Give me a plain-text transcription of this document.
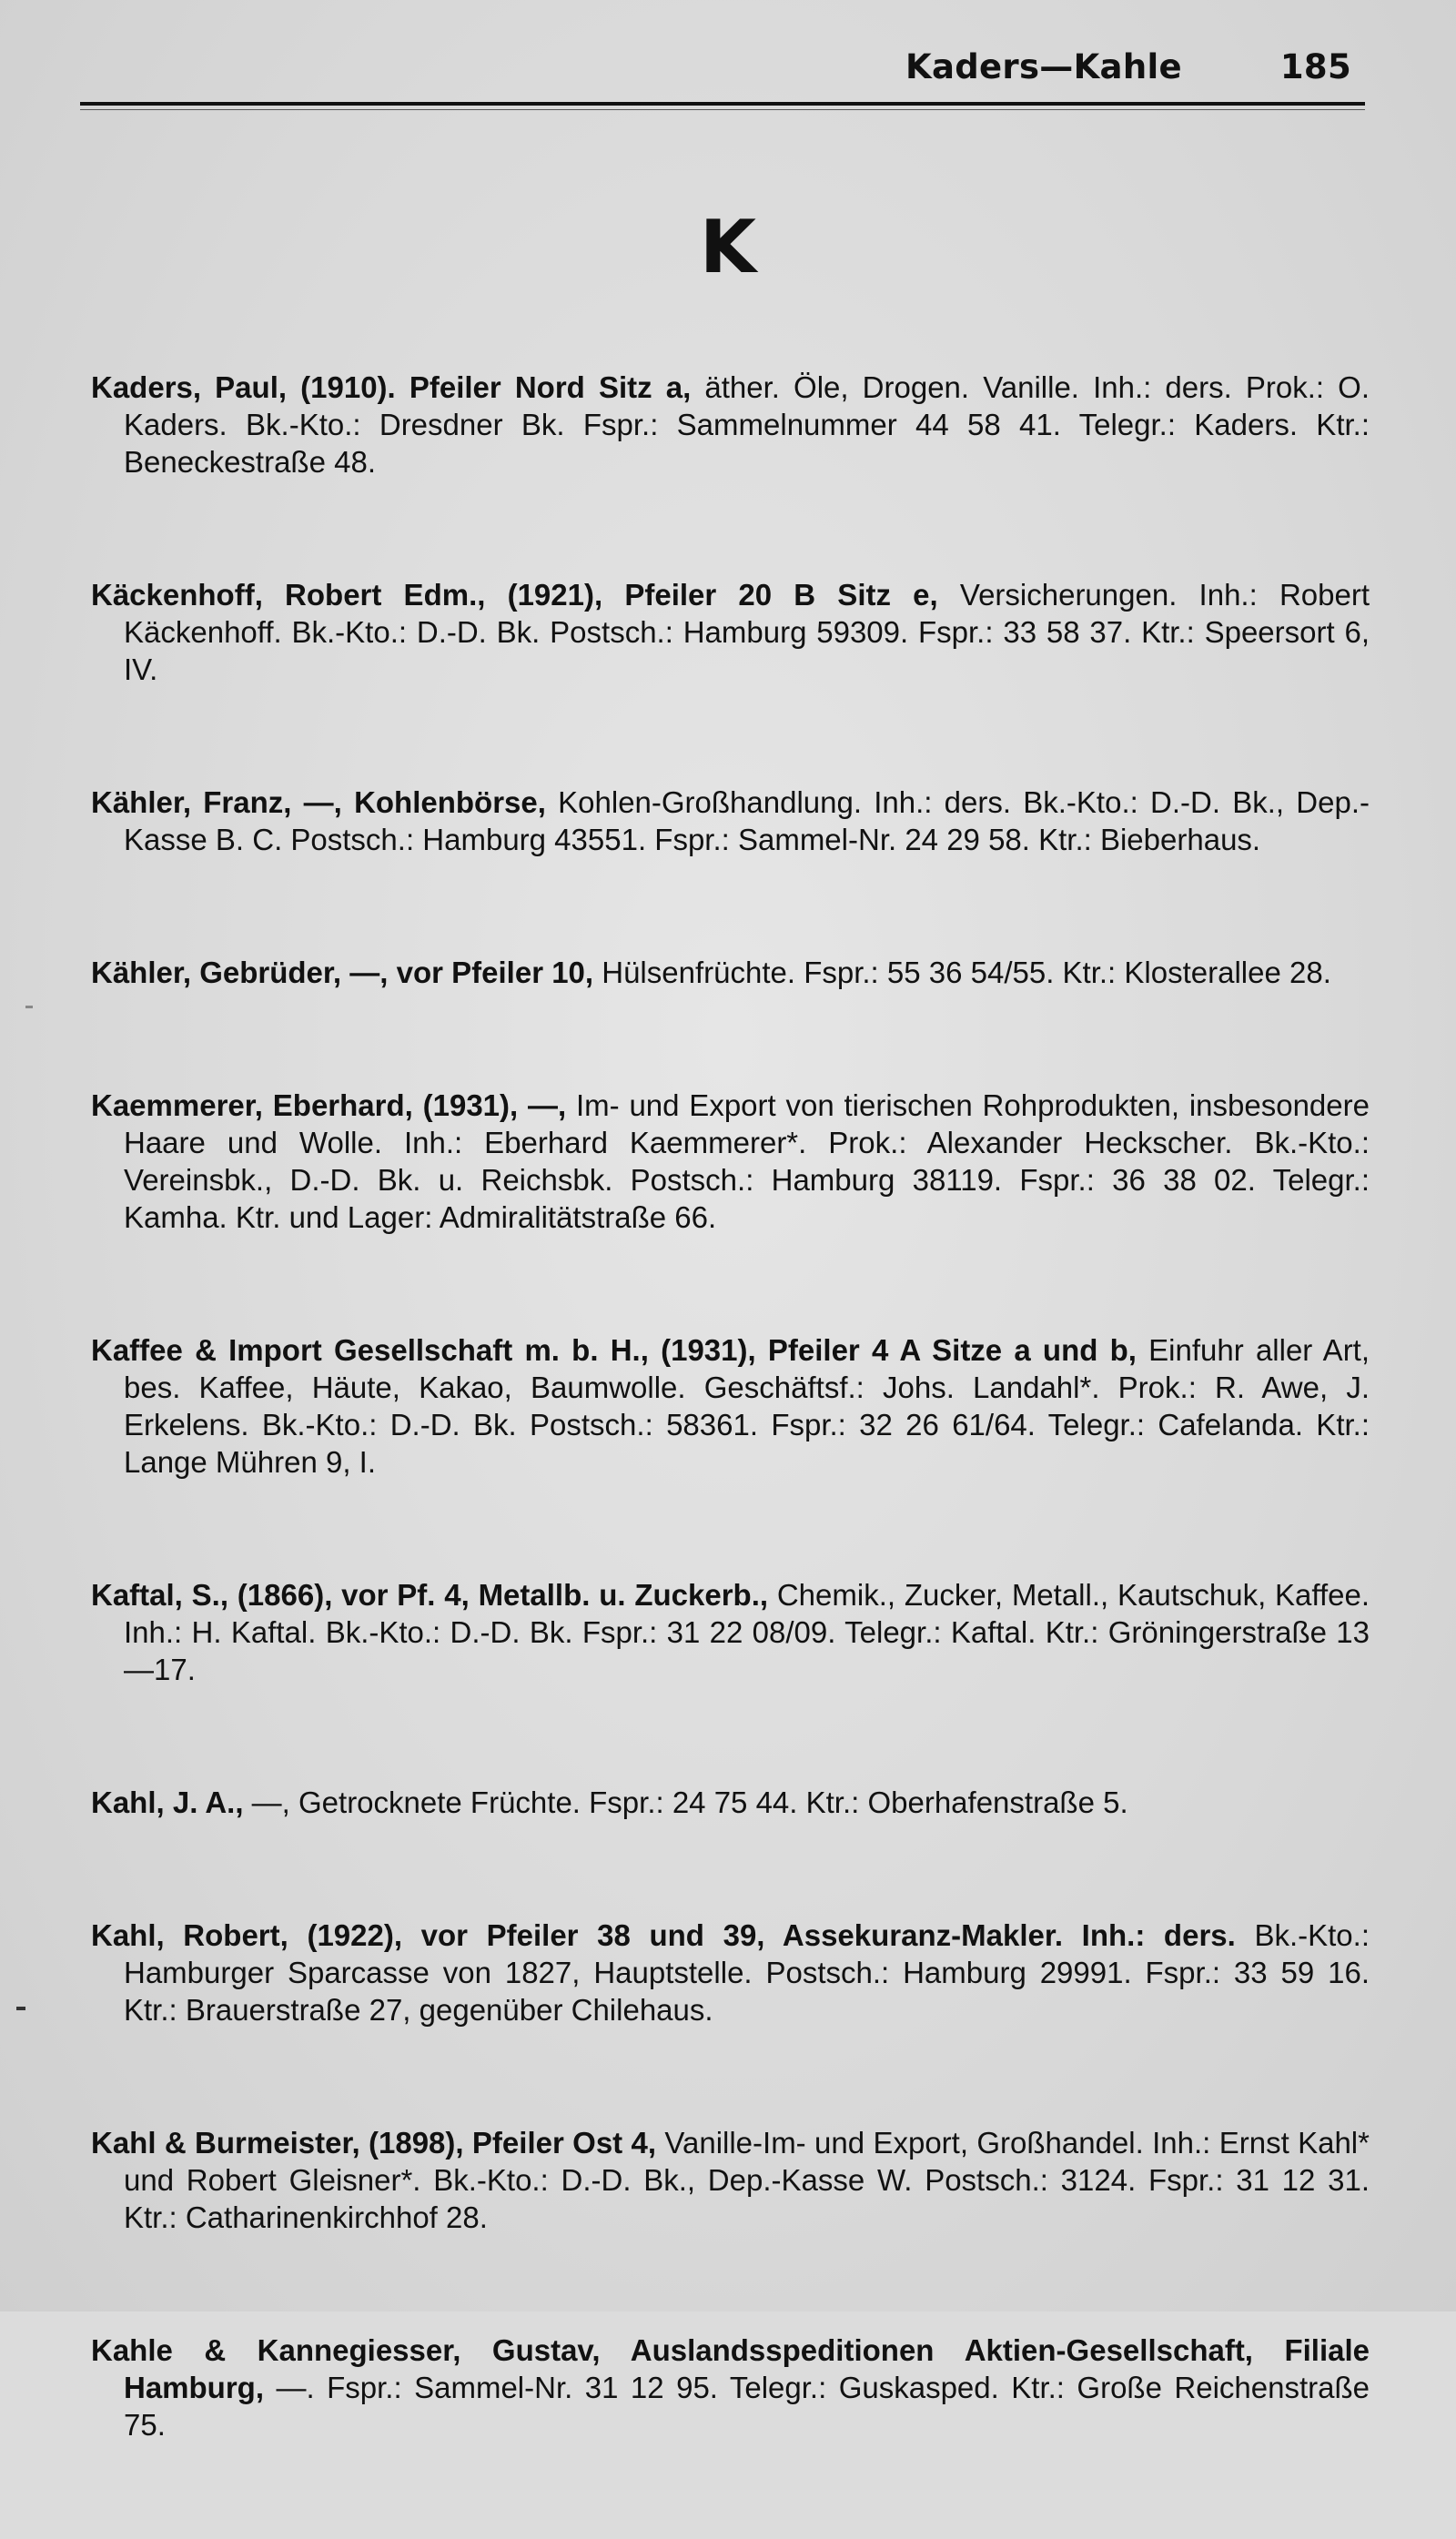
Kaders—Kahle	185
K

Kaders, Paul, (1910). Pfeiler Nord Sitz a, äther. Öle, Drogen. Vanille. Inh.: ders. Prok.: O. Kaders. Bk.-Kto.: Dresdner Bk. Fspr.: Sammelnummer 44 58 41. Telegr.: Kaders. Ktr.: Beneckestraße 48.

Käckenhoff, Robert Edm., (1921), Pfeiler 20 B Sitz e, Versicherungen. Inh.: Robert Käckenhoff. Bk.-Kto.: D.-D. Bk. Postsch.: Hamburg 59309. Fspr.: 33 58 37. Ktr.: Speersort 6, IV.

Kähler, Franz, —, Kohlenbörse, Kohlen-Großhandlung. Inh.: ders. Bk.-Kto.: D.-D. Bk., Dep.-Kasse B. C. Postsch.: Hamburg 43551. Fspr.: Sammel-Nr. 24 29 58. Ktr.: Bieberhaus.

Kähler, Gebrüder, —, vor Pfeiler 10, Hülsenfrüchte. Fspr.: 55 36 54/55. Ktr.: Klosterallee 28.

Kaemmerer, Eberhard, (1931), —, Im- und Export von tierischen Rohprodukten, insbesondere Haare und Wolle. Inh.: Eberhard Kaemmerer*. Prok.: Alexander Heckscher. Bk.-Kto.: Vereinsbk., D.-D. Bk. u. Reichsbk. Postsch.: Hamburg 38119. Fspr.: 36 38 02. Telegr.: Kamha. Ktr. und Lager: Admiralitätstraße 66.

Kaffee & Import Gesellschaft m. b. H., (1931), Pfeiler 4 A Sitze a und b, Einfuhr aller Art, bes. Kaffee, Häute, Kakao, Baumwolle. Geschäftsf.: Johs. Landahl*. Prok.: R. Awe, J. Erkelens. Bk.-Kto.: D.-D. Bk. Postsch.: 58361. Fspr.: 32 26 61/64. Telegr.: Cafelanda. Ktr.: Lange Mühren 9, I.

Kaftal, S., (1866), vor Pf. 4, Metallb. u. Zuckerb., Chemik., Zucker, Metall., Kautschuk, Kaffee. Inh.: H. Kaftal. Bk.-Kto.: D.-D. Bk. Fspr.: 31 22 08/09. Telegr.: Kaftal. Ktr.: Gröningerstraße 13—17.

Kahl, J. A., —, Getrocknete Früchte. Fspr.: 24 75 44. Ktr.: Oberhafenstraße 5.

Kahl, Robert, (1922), vor Pfeiler 38 und 39, Assekuranz-Makler. Inh.: ders. Bk.-Kto.: Hamburger Sparcasse von 1827, Hauptstelle. Postsch.: Hamburg 29991. Fspr.: 33 59 16. Ktr.: Brauerstraße 27, gegenüber Chilehaus.

Kahl & Burmeister, (1898), Pfeiler Ost 4, Vanille-Im- und Export, Großhandel. Inh.: Ernst Kahl* und Robert Gleisner*. Bk.-Kto.: D.-D. Bk., Dep.-Kasse W. Postsch.: 3124. Fspr.: 31 12 31. Ktr.: Catharinenkirchhof 28.

Kahle & Kannegiesser, Gustav, Auslandsspeditionen Aktien-Gesellschaft, Filiale Hamburg, —. Fspr.: Sammel-Nr. 31 12 95. Telegr.: Guskasped. Ktr.: Große Reichenstraße 75.
